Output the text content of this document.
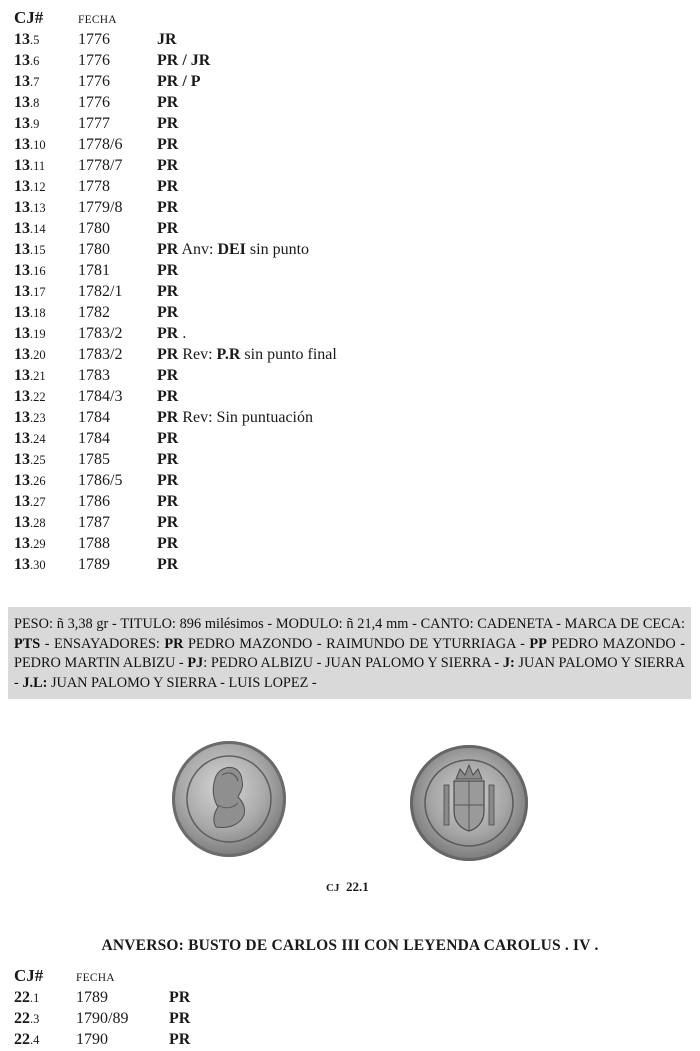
CJ#	FECHA
13.5 1776	JR
13.6 1776	PR / JR
13.7 1776	PR / P
13.8 1776	PR
13.9 1777	PR
13.10 1778/6 PR
13.11 1778/7 PR
13.12 1778	PR
13.13 1779/8 PR
13.14 1780	PR
13.15 1780	PR Anv: DEI sin punto
13.16 1781	PR
13.17 1782/1 PR
13.18 1782	PR
13.19 1783/2 PR .
13.20 1783/2 PR Rev: P.R sin punto final
13.21 1783	PR
13.22 1784/3 PR
13.23 1784	PR Rev: Sin puntuación
13.24 1784	PR
13.25 1785	PR
13.26 1786/5 PR
13.27 1786	PR
13.28 1787	PR
13.29 1788	PR
13.30 1789	PR
PESO: ñ 3,38 gr - TITULO: 896 milésimos - MODULO: ñ 21,4 mm - CANTO: CADENETA - MARCA DE CECA: PTS - ENSAYADORES: PR PEDRO MAZONDO - RAIMUNDO DE YTURRIAGA - PP PEDRO MAZONDO - PEDRO MARTIN ALBIZU - PJ: PEDRO ALBIZU - JUAN PALOMO Y SIERRA - J: JUAN PALOMO Y SIERRA - J.L: JUAN PALOMO Y SIERRA - LUIS LOPEZ -
CJ 22.1
ANVERSO: BUSTO DE CARLOS III CON LEYENDA CAROLUS . IV .
CJ#	FECHA
22.1 1789	PR
22.3 1790/89	PR
22.4 1790	PR
